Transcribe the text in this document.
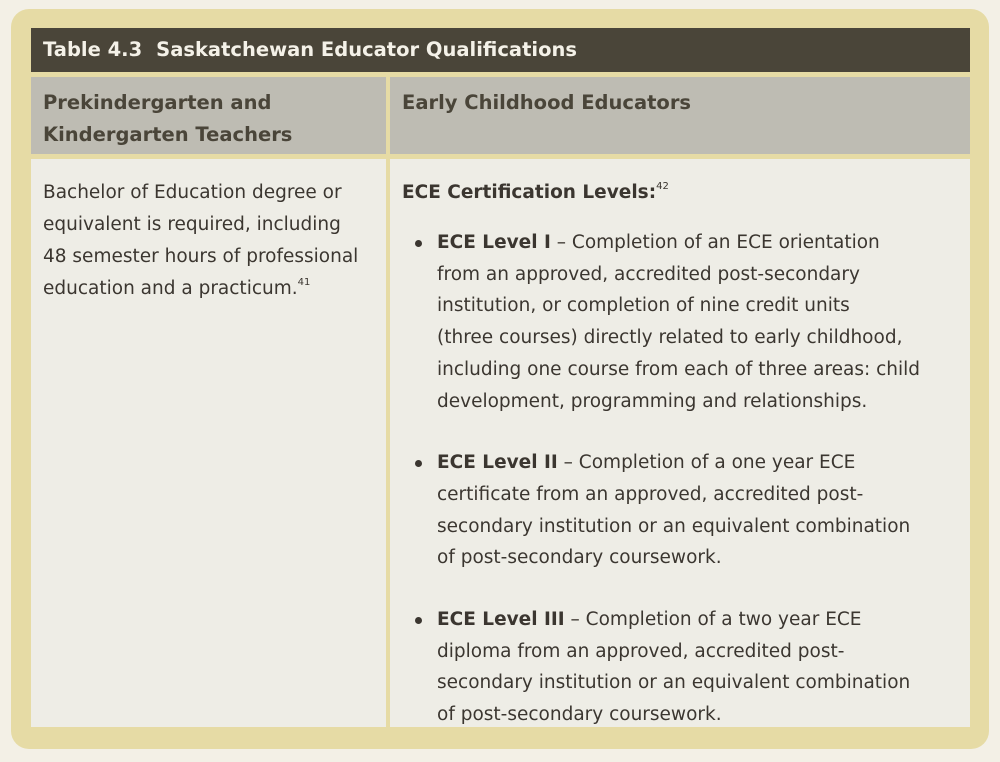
Table 4.3 Saskatchewan Educator Qualifications
Prekindergarten and
Kindergarten Teachers
Early Childhood Educators
Bachelor of Education degree or
equivalent is required, including
48 semester hours of professional
education and a practicum.$^{41}$
ECE Certification Levels:$^{42}$
ECE Level I – Completion of an ECE orientation
from an approved, accredited post-secondary
institution, or completion of nine credit units
(three courses) directly related to early childhood,
including one course from each of three areas: child
development, programming and relationships.
ECE Level II – Completion of a one year ECE
certificate from an approved, accredited post-
secondary institution or an equivalent combination
of post-secondary coursework.
ECE Level III – Completion of a two year ECE
diploma from an approved, accredited post-
secondary institution or an equivalent combination
of post-secondary coursework.
